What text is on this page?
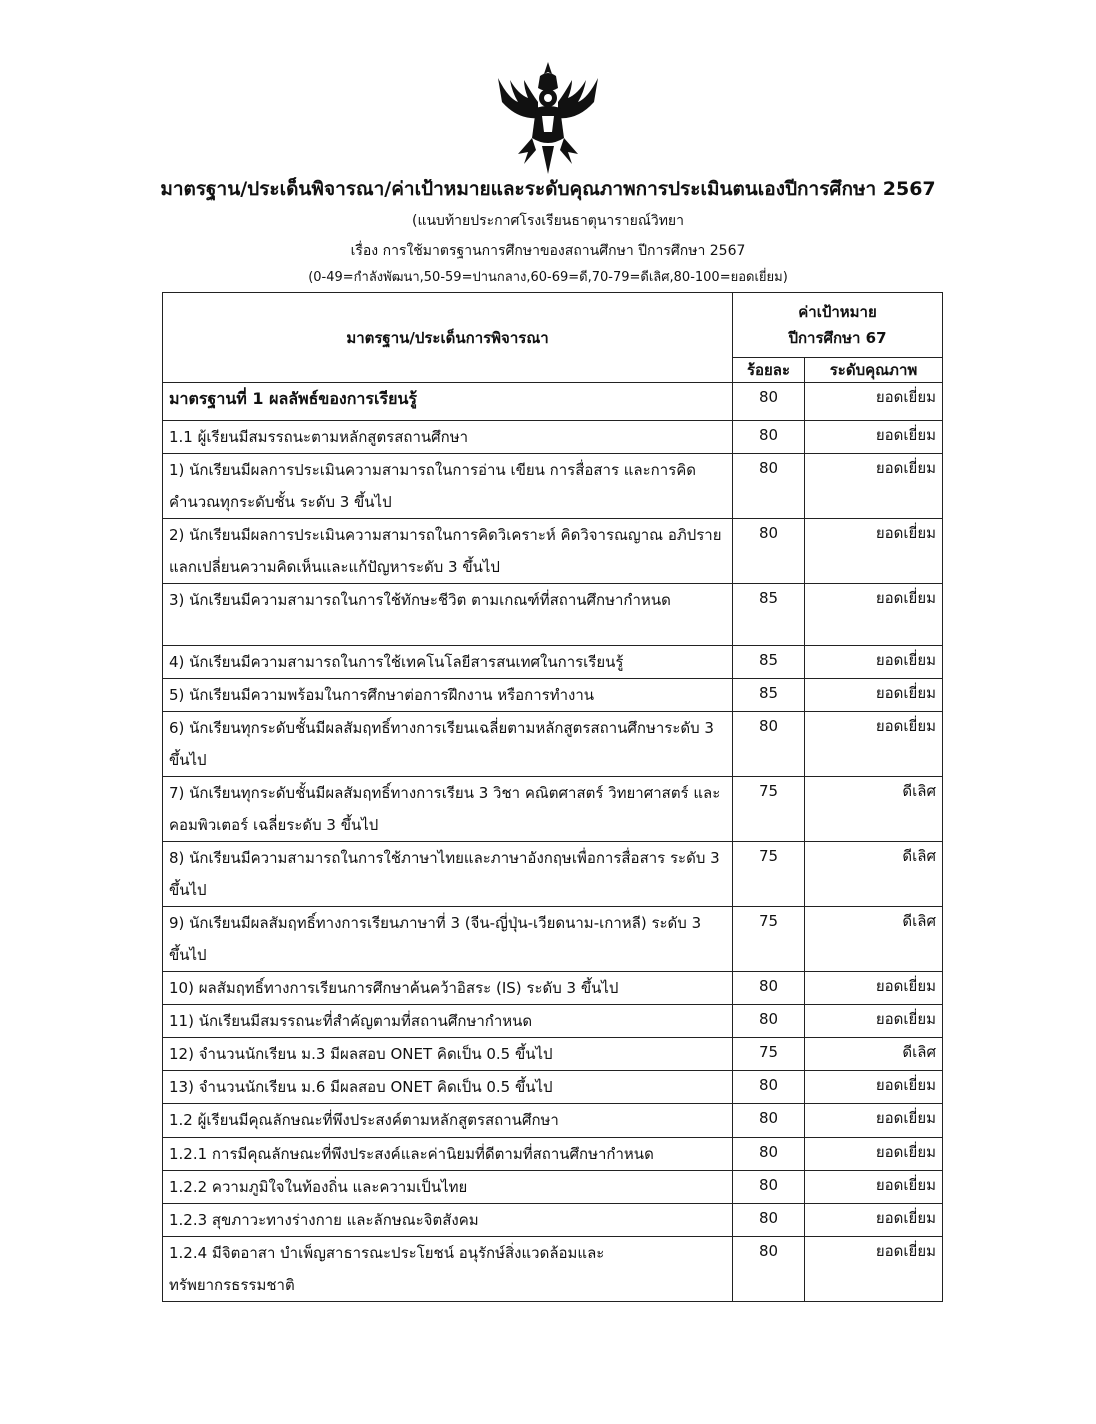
มาตรฐาน/ประเด็นพิจารณา/ค่าเป้าหมายและระดับคุณภาพการประเมินตนเองปีการศึกษา 2567
(แนบท้ายประกาศโรงเรียนธาตุนารายณ์วิทยา
เรื่อง การใช้มาตรฐานการศึกษาของสถานศึกษา ปีการศึกษา 2567
(0-49=กำลังพัฒนา,50-59=ปานกลาง,60-69=ดี,70-79=ดีเลิศ,80-100=ยอดเยี่ยม)
มาตรฐาน/ประเด็นการพิจารณา	ค่าเป้าหมาย
ปีการศึกษา 67	

	ร้อยละ	ระดับคุณภาพ
มาตรฐานที่ 1 ผลลัพธ์ของการเรียนรู้	80	ยอดเยี่ยม
1.1 ผู้เรียนมีสมรรถนะตามหลักสูตรสถานศึกษา	80	ยอดเยี่ยม
1) นักเรียนมีผลการประเมินความสามารถในการอ่าน เขียน การสื่อสาร และการคิดคำนวณทุกระดับชั้น ระดับ 3 ขึ้นไป	80	ยอดเยี่ยม
2) นักเรียนมีผลการประเมินความสามารถในการคิดวิเคราะห์ คิดวิจารณญาณ อภิปราย แลกเปลี่ยนความคิดเห็นและแก้ปัญหาระดับ 3 ขึ้นไป	80	ยอดเยี่ยม
3) นักเรียนมีความสามารถในการใช้ทักษะชีวิต ตามเกณฑ์ที่สถานศึกษากำหนด	85	ยอดเยี่ยม
4) นักเรียนมีความสามารถในการใช้เทคโนโลยีสารสนเทศในการเรียนรู้	85	ยอดเยี่ยม
5) นักเรียนมีความพร้อมในการศึกษาต่อการฝึกงาน หรือการทำงาน	85	ยอดเยี่ยม
6) นักเรียนทุกระดับชั้นมีผลสัมฤทธิ์ทางการเรียนเฉลี่ยตามหลักสูตรสถานศึกษาระดับ 3 ขึ้นไป	80	ยอดเยี่ยม
7) นักเรียนทุกระดับชั้นมีผลสัมฤทธิ์ทางการเรียน 3 วิชา คณิตศาสตร์ วิทยาศาสตร์ และคอมพิวเตอร์ เฉลี่ยระดับ 3 ขึ้นไป	75	ดีเลิศ
8) นักเรียนมีความสามารถในการใช้ภาษาไทยและภาษาอังกฤษเพื่อการสื่อสาร ระดับ 3 ขึ้นไป	75	ดีเลิศ
9) นักเรียนมีผลสัมฤทธิ์ทางการเรียนภาษาที่ 3 (จีน-ญี่ปุ่น-เวียดนาม-เกาหลี) ระดับ 3 ขึ้นไป	75	ดีเลิศ
10) ผลสัมฤทธิ์ทางการเรียนการศึกษาค้นคว้าอิสระ (IS) ระดับ 3 ขึ้นไป	80	ยอดเยี่ยม
11) นักเรียนมีสมรรถนะที่สำคัญตามที่สถานศึกษากำหนด	80	ยอดเยี่ยม
12) จำนวนนักเรียน ม.3 มีผลสอบ ONET คิดเป็น 0.5 ขึ้นไป	75	ดีเลิศ
13) จำนวนนักเรียน ม.6 มีผลสอบ ONET คิดเป็น 0.5 ขึ้นไป	80	ยอดเยี่ยม
1.2 ผู้เรียนมีคุณลักษณะที่พึงประสงค์ตามหลักสูตรสถานศึกษา	80	ยอดเยี่ยม
1.2.1 การมีคุณลักษณะที่พึงประสงค์และค่านิยมที่ดีตามที่สถานศึกษากำหนด	80	ยอดเยี่ยม
1.2.2 ความภูมิใจในท้องถิ่น และความเป็นไทย	80	ยอดเยี่ยม
1.2.3 สุขภาวะทางร่างกาย และลักษณะจิตสังคม	80	ยอดเยี่ยม
1.2.4 มีจิตอาสา บำเพ็ญสาธารณะประโยชน์ อนุรักษ์สิ่งแวดล้อมและทรัพยากรธรรมชาติ	80	ยอดเยี่ยม
